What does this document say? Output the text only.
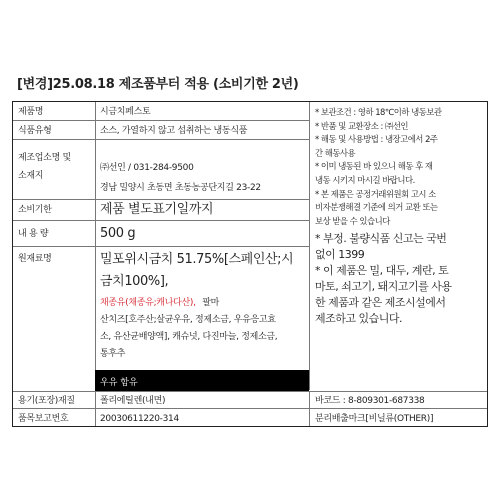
[변경]25.08.18 제조품부터 적용 (소비기한 2년)
제품명	시금치페스토
식품유형	소스, 가열하지 않고 섭취하는 냉동식품
제조업소명 및
소재지
㈜선인 / 031-284-9500
경남 밀양시 초동면 초동농공단지길 23-22
소비기한	제품 별도표기일까지
내 용 량	500 g
원재료명	밀포위시금치 51.75%[스페인산;시
금치100%],
채종유(채종유;캐나다산), 팔마
산치즈[호주산;살균우유, 정제소금, 우유응고효
소, 유산균배양액], 캐슈넛, 다진마늘, 정제소금,
통후추
우유 함유
용기(포장)재질	폴리에틸렌(내면)
품목보고번호	20030611220-314
* 보관조건 : 영하 18℃이하 냉동보관
* 반품 및 교환장소 : ㈜선인
* 해동 및 사용방법 : 냉장고에서 2주
간 해동사용
* 이미 냉동된 바 있으니 해동 후 재
냉동 시키지 마시길 바랍니다.
* 본 제품은 공정거래위원회 고시 소
비자분쟁해결 기준에 의거 교환 또는
보상 받을 수 있습니다
* 부정. 불량식품 신고는 국번
없이 1399
* 이 제품은 밀, 대두, 계란, 토
마토, 쇠고기, 돼지고기를 사용
한 제품과 같은 제조시설에서
제조하고 있습니다.
바코드 : 8-809301-687338
분리배출마크[비닐류(OTHER)]
